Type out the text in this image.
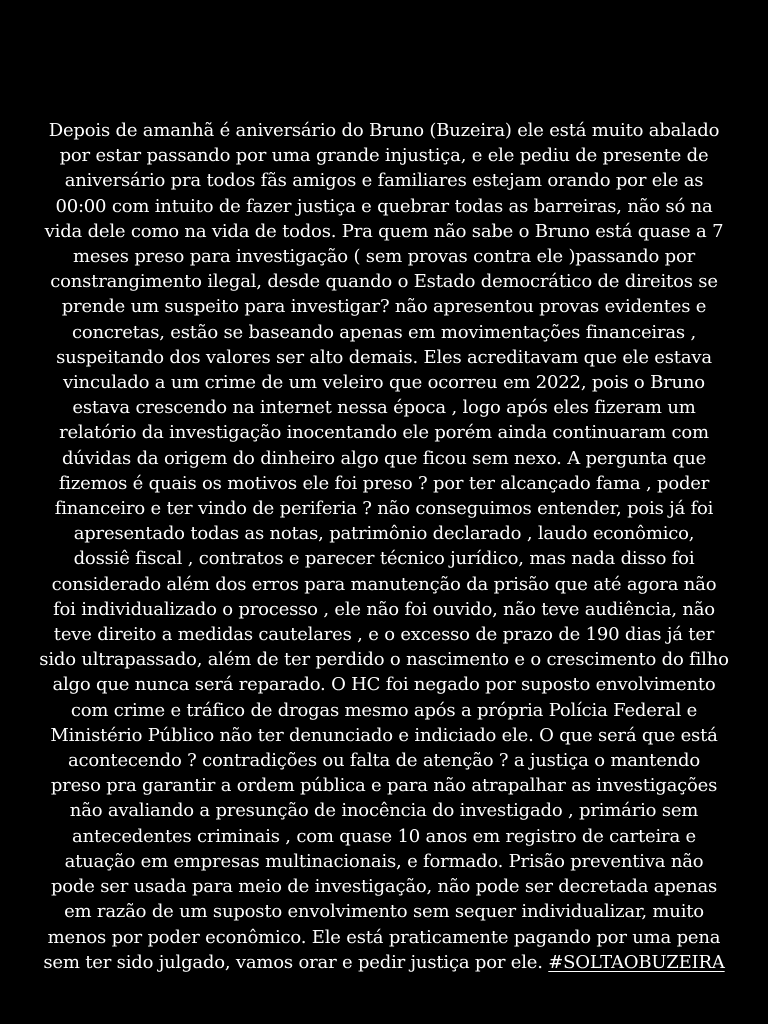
Depois de amanhã é aniversário do Bruno (Buzeira) ele está muito abalado
por estar passando por uma grande injustiça, e ele pediu de presente de
aniversário pra todos fãs amigos e familiares estejam orando por ele as
00:00 com intuito de fazer justiça e quebrar todas as barreiras, não só na
vida dele como na vida de todos. Pra quem não sabe o Bruno está quase a 7
meses preso para investigação ( sem provas contra ele )passando por
constrangimento ilegal, desde quando o Estado democrático de direitos se
prende um suspeito para investigar? não apresentou provas evidentes e
concretas, estão se baseando apenas em movimentações financeiras ,
suspeitando dos valores ser alto demais. Eles acreditavam que ele estava
vinculado a um crime de um veleiro que ocorreu em 2022, pois o Bruno
estava crescendo na internet nessa época , logo após eles fizeram um
relatório da investigação inocentando ele porém ainda continuaram com
dúvidas da origem do dinheiro algo que ficou sem nexo. A pergunta que
fizemos é quais os motivos ele foi preso ? por ter alcançado fama , poder
financeiro e ter vindo de periferia ? não conseguimos entender, pois já foi
apresentado todas as notas, patrimônio declarado , laudo econômico,
dossiê fiscal , contratos e parecer técnico jurídico, mas nada disso foi
considerado além dos erros para manutenção da prisão que até agora não
foi individualizado o processo , ele não foi ouvido, não teve audiência, não
teve direito a medidas cautelares , e o excesso de prazo de 190 dias já ter
sido ultrapassado, além de ter perdido o nascimento e o crescimento do filho
algo que nunca será reparado. O HC foi negado por suposto envolvimento
com crime e tráfico de drogas mesmo após a própria Polícia Federal e
Ministério Público não ter denunciado e indiciado ele. O que será que está
acontecendo ? contradições ou falta de atenção ? a justiça o mantendo
preso pra garantir a ordem pública e para não atrapalhar as investigações
não avaliando a presunção de inocência do investigado , primário sem
antecedentes criminais , com quase 10 anos em registro de carteira e
atuação em empresas multinacionais, e formado. Prisão preventiva não
pode ser usada para meio de investigação, não pode ser decretada apenas
em razão de um suposto envolvimento sem sequer individualizar, muito
menos por poder econômico. Ele está praticamente pagando por uma pena
sem ter sido julgado, vamos orar e pedir justiça por ele. #SOLTAOBUZEIRA
